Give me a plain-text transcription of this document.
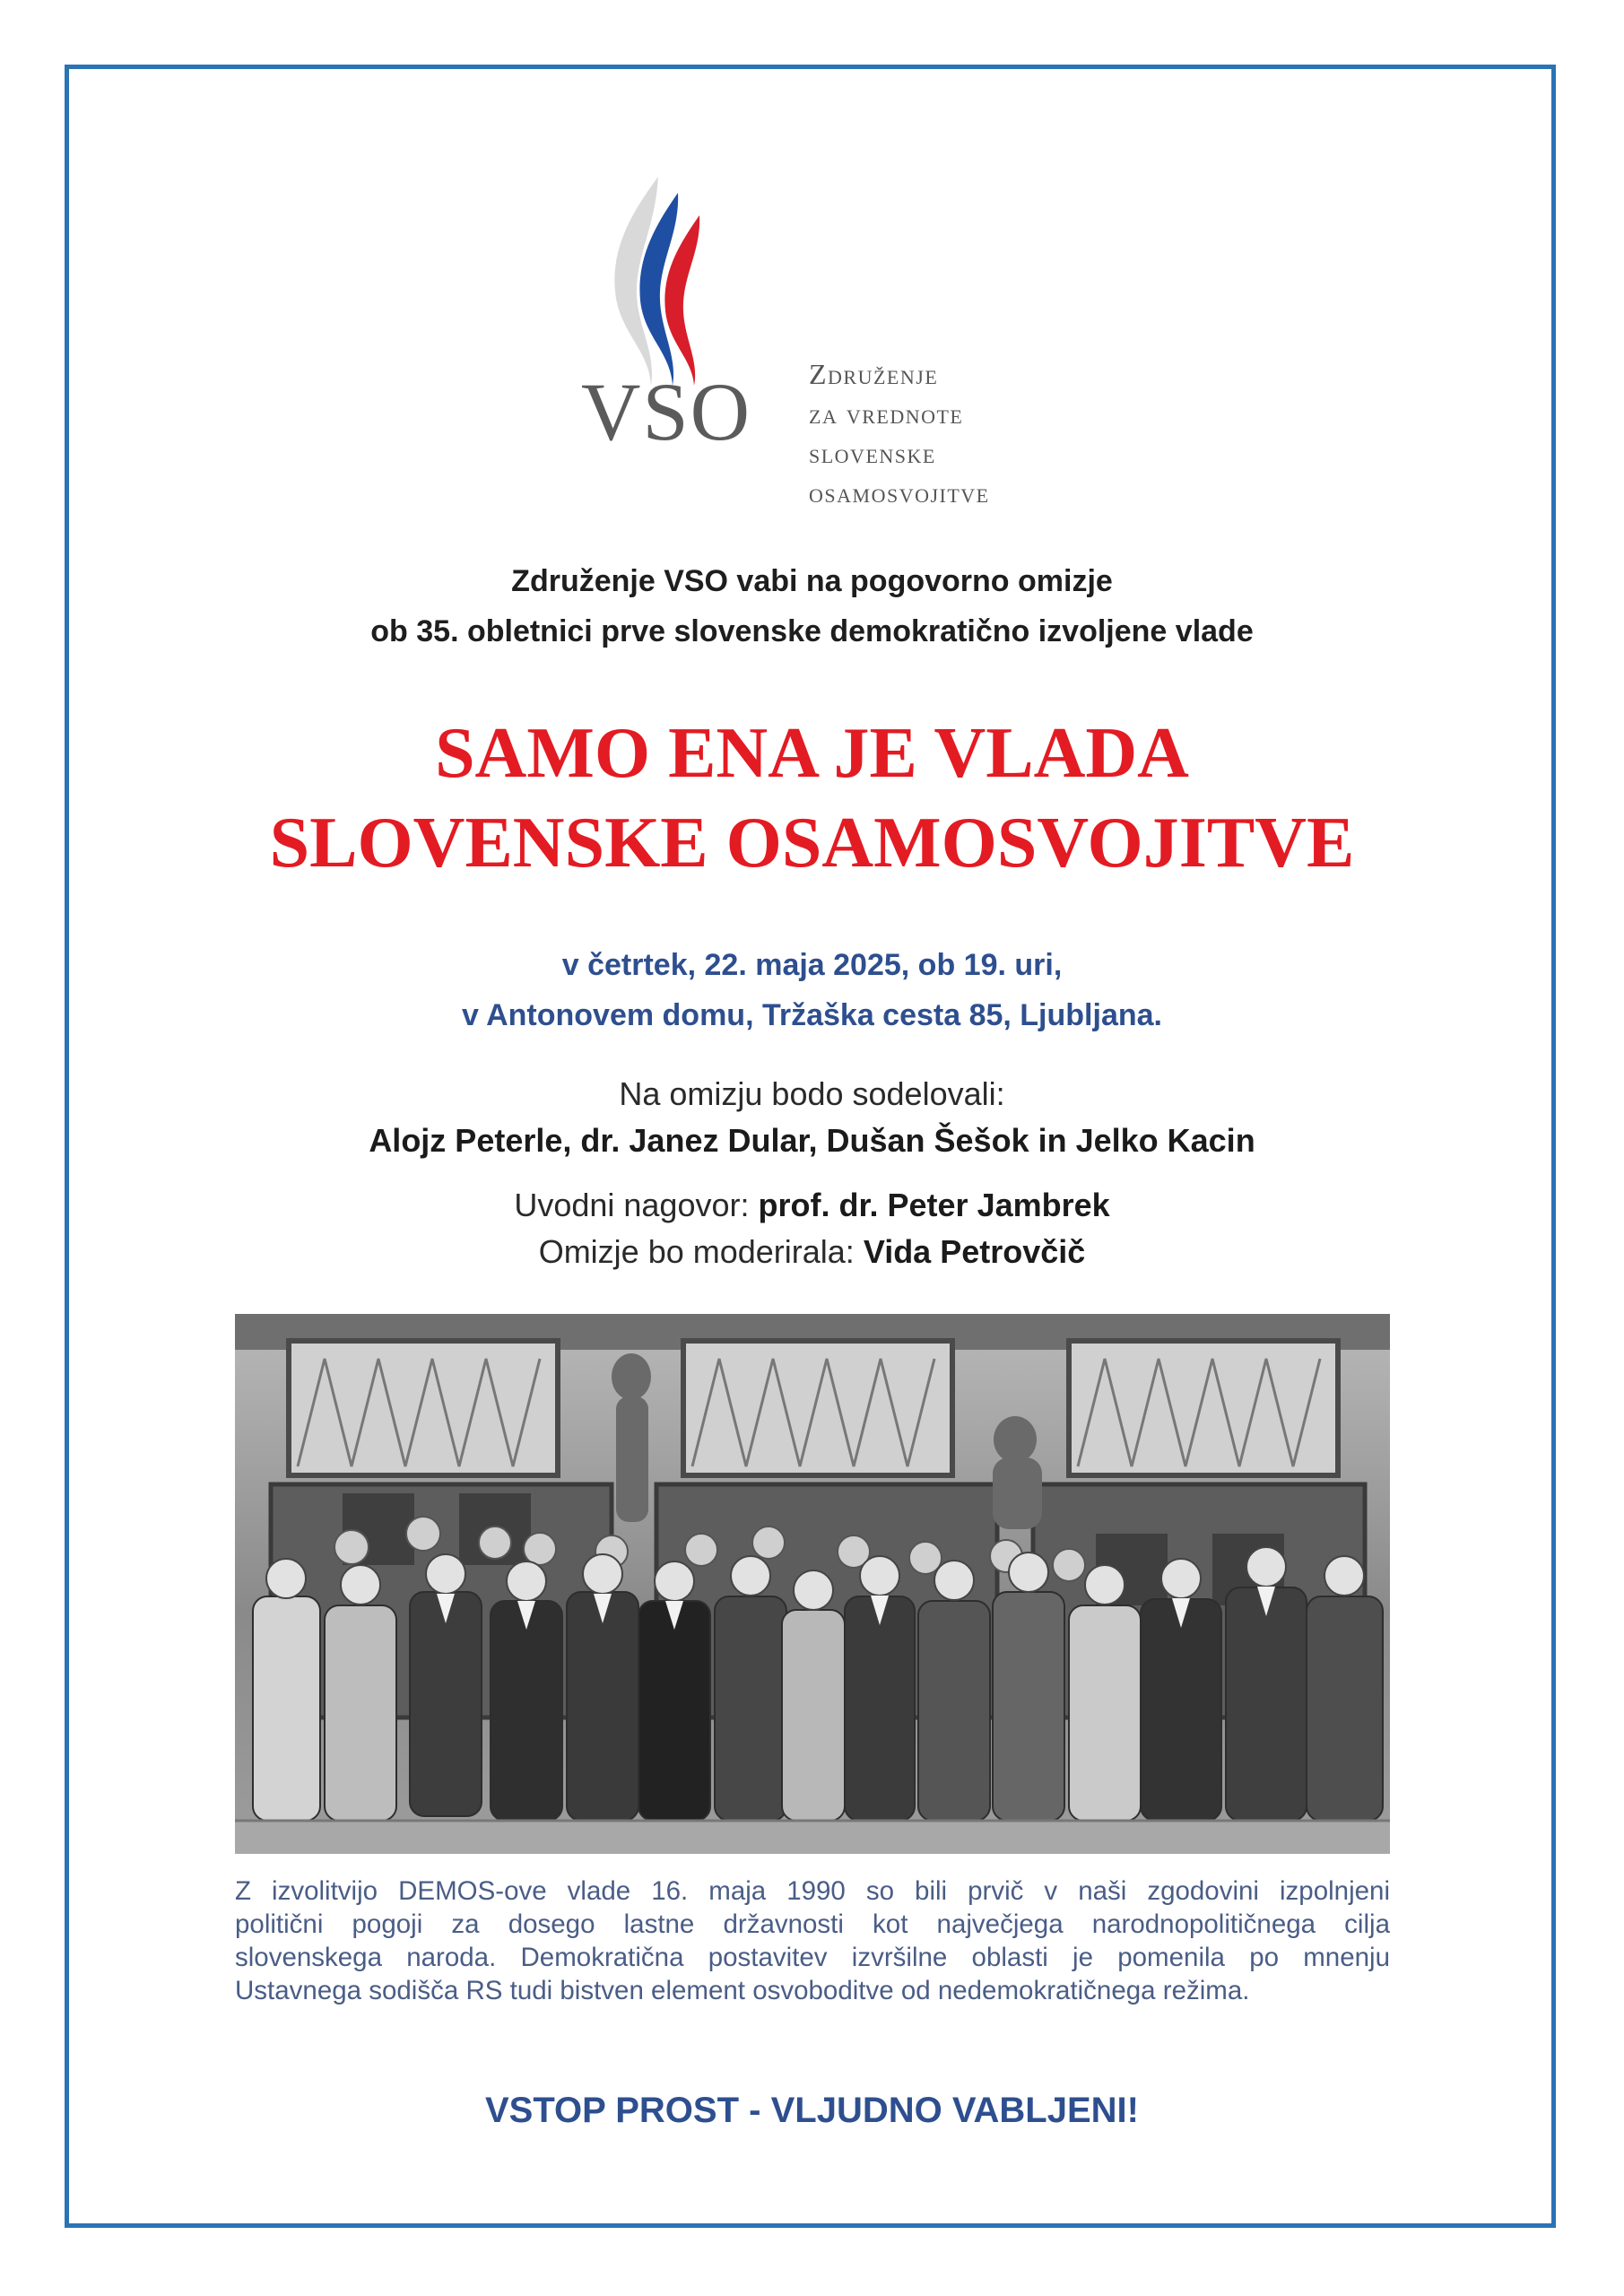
VSO Združenje
za vrednote
slovenske
osamosvojitve
Združenje VSO vabi na pogovorno omizje
ob 35. obletnici prve slovenske demokratično izvoljene vlade
SAMO ENA JE VLADA
SLOVENSKE OSAMOSVOJITVE
v četrtek, 22. maja 2025, ob 19. uri,
v Antonovem domu, Tržaška cesta 85, Ljubljana.
Na omizju bodo sodelovali:
Alojz Peterle, dr. Janez Dular, Dušan Šešok in Jelko Kacin
Uvodni nagovor: prof. dr. Peter Jambrek
Omizje bo moderirala: Vida Petrovčič
Z izvolitvijo DEMOS-ove vlade 16. maja 1990 so bili prvič v naši zgodovini izpolnjeni
politični pogoji za dosego lastne državnosti kot največjega narodnopolitičnega cilja
slovenskega naroda. Demokratična postavitev izvršilne oblasti je pomenila po mnenju
Ustavnega sodišča RS tudi bistven element osvoboditve od nedemokratičnega režima.
VSTOP PROST - VLJUDNO VABLJENI!
